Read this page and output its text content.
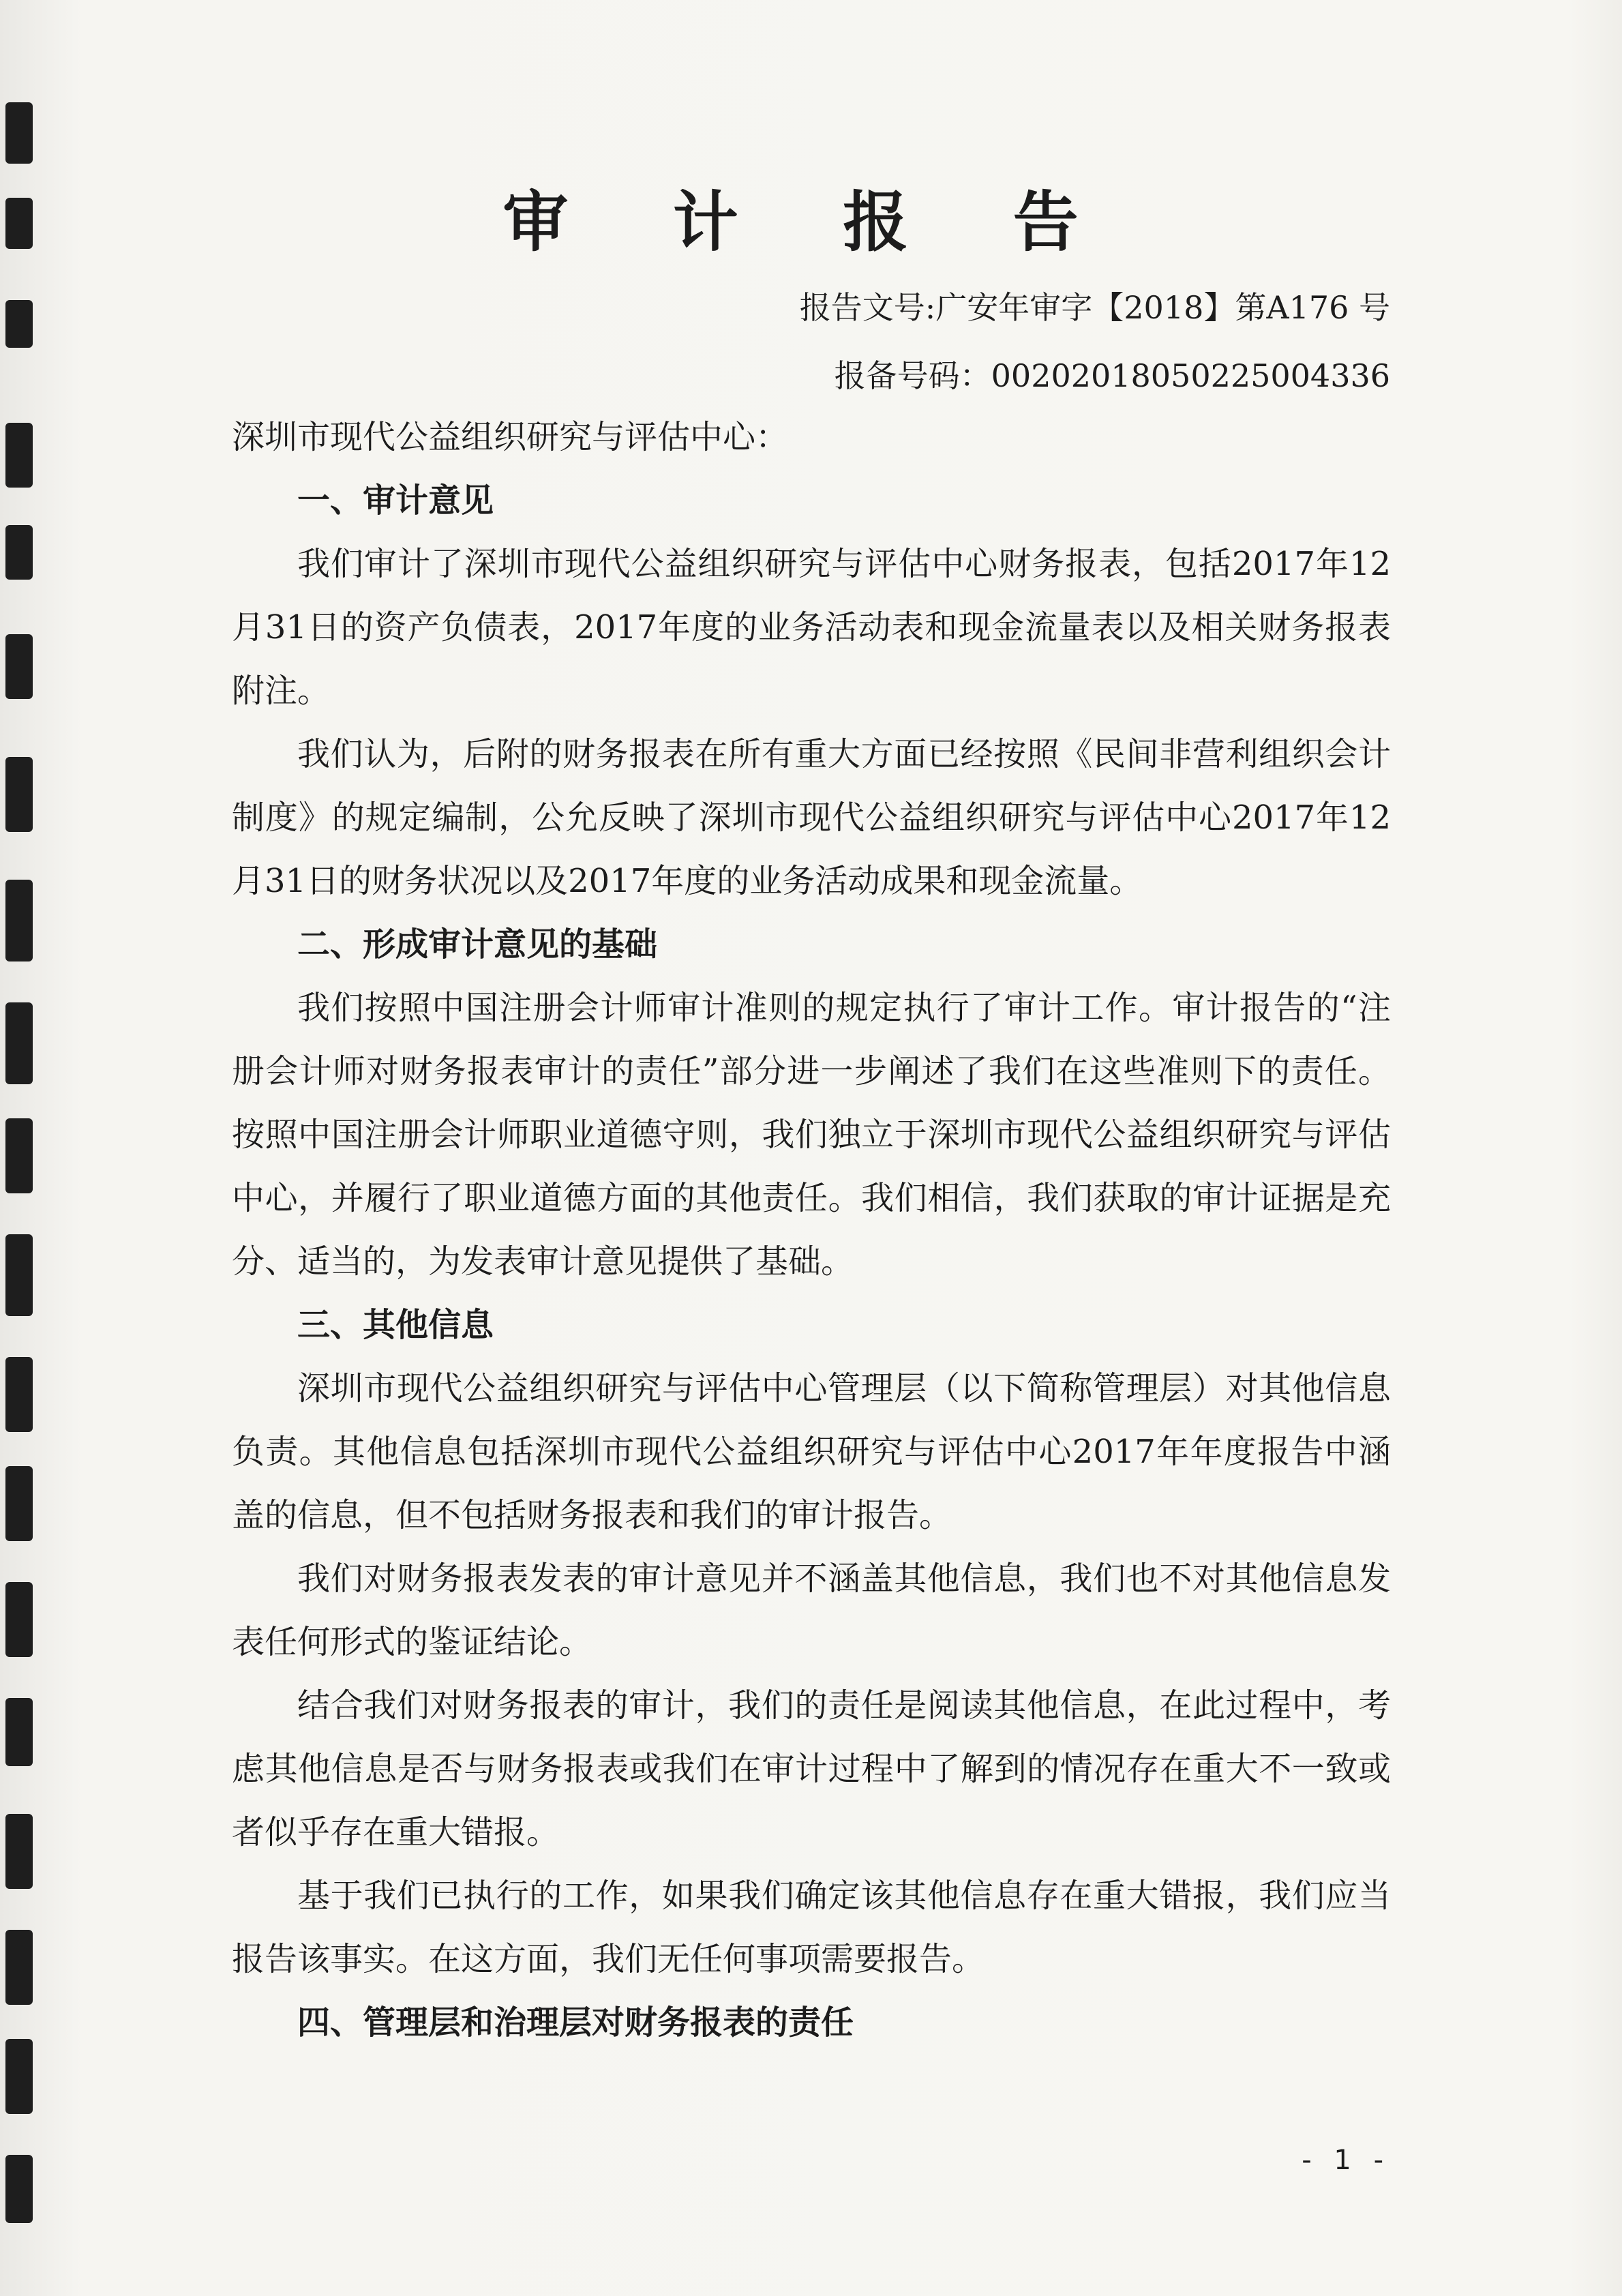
审 计 报 告
报告文号:广安年审字【2018】第A176 号
报备号码：00202018050225004336

深圳市现代公益组织研究与评估中心：

一、审计意见

我们审计了深圳市现代公益组织研究与评估中心财务报表，包括2017年12月31日的资产负债表，2017年度的业务活动表和现金流量表以及相关财务报表附注。

我们认为，后附的财务报表在所有重大方面已经按照《民间非营利组织会计制度》的规定编制，公允反映了深圳市现代公益组织研究与评估中心2017年12月31日的财务状况以及2017年度的业务活动成果和现金流量。

二、形成审计意见的基础

我们按照中国注册会计师审计准则的规定执行了审计工作。审计报告的“注册会计师对财务报表审计的责任”部分进一步阐述了我们在这些准则下的责任。按照中国注册会计师职业道德守则，我们独立于深圳市现代公益组织研究与评估中心，并履行了职业道德方面的其他责任。我们相信，我们获取的审计证据是充分、适当的，为发表审计意见提供了基础。

三、其他信息

深圳市现代公益组织研究与评估中心管理层（以下简称管理层）对其他信息负责。其他信息包括深圳市现代公益组织研究与评估中心2017年年度报告中涵盖的信息，但不包括财务报表和我们的审计报告。

我们对财务报表发表的审计意见并不涵盖其他信息，我们也不对其他信息发表任何形式的鉴证结论。

结合我们对财务报表的审计，我们的责任是阅读其他信息，在此过程中，考虑其他信息是否与财务报表或我们在审计过程中了解到的情况存在重大不一致或者似乎存在重大错报。

基于我们已执行的工作，如果我们确定该其他信息存在重大错报，我们应当报告该事实。在这方面，我们无任何事项需要报告。

四、管理层和治理层对财务报表的责任

- 1 -
